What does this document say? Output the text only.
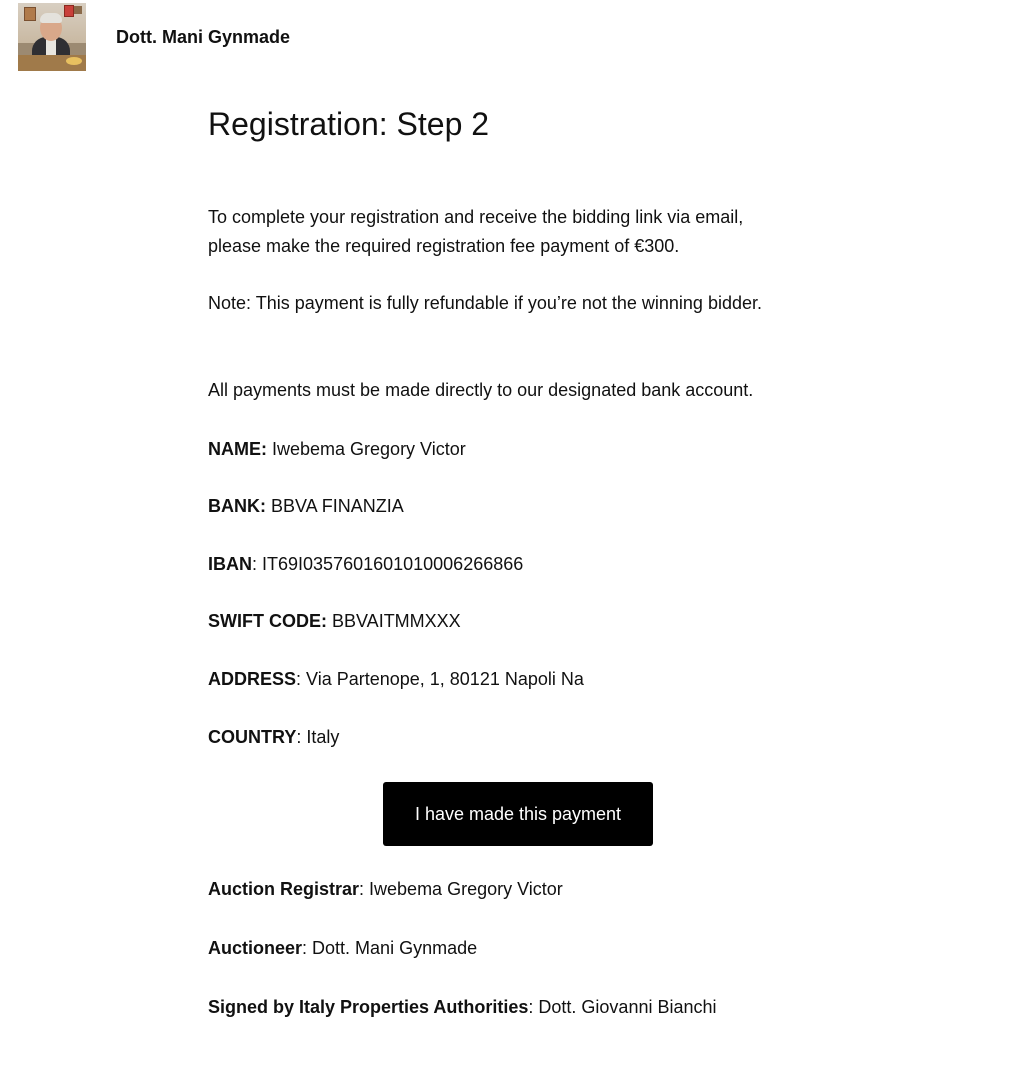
Dott. Mani Gynmade
Registration: Step 2

To complete your registration and receive the bidding link via email,

please make the required registration fee payment of €300.

Note: This payment is fully refundable if you’re not the winning bidder.

All payments must be made directly to our designated bank account.

NAME: Iwebema Gregory Victor

BANK: BBVA FINANZIA

IBAN: IT69I0357601601010006266866

SWIFT CODE: BBVAITMMXXX

ADDRESS: Via Partenope, 1, 80121 Napoli Na

COUNTRY: Italy

I have made this payment

Auction Registrar: Iwebema Gregory Victor

Auctioneer: Dott. Mani Gynmade

Signed by Italy Properties Authorities: Dott. Giovanni Bianchi
